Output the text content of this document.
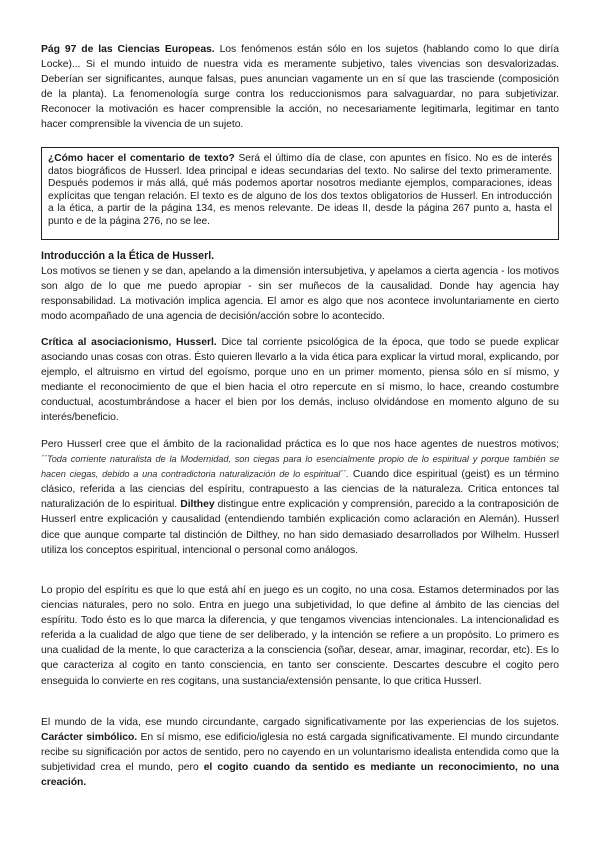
Pág 97 de las Ciencias Europeas. Los fenómenos están sólo en los sujetos (hablando como lo que diría Locke)... Si el mundo intuido de nuestra vida es meramente subjetivo, tales vivencias son desvalorizadas. Deberían ser significantes, aunque falsas, pues anuncian vagamente un en sí que las trasciende (composición de la planta). La fenomenología surge contra los reduccionismos para salvaguardar, no para subjetivizar. Reconocer la motivación es hacer comprensible la acción, no necesariamente legitimarla, legitimar en tanto hacer comprensible la vivencia de un sujeto.

¿Cómo hacer el comentario de texto? Será el último día de clase, con apuntes en físico. No es de interés datos biográficos de Husserl. Idea principal e ideas secundarias del texto. No salirse del texto primeramente. Después podemos ir más allá, qué más podemos aportar nosotros mediante ejemplos, comparaciones, ideas explícitas que tengan relación. El texto es de alguno de los dos textos obligatorios de Husserl. En introducción a la ética, a partir de la página 134, es menos relevante. De ideas II, desde la página 267 punto a, hasta el punto e de la página 276, no se lee.
Introducción a la Ética de Husserl.

Los motivos se tienen y se dan, apelando a la dimensión intersubjetiva, y apelamos a cierta agencia - los motivos son algo de lo que me puedo apropiar - sin ser muñecos de la causalidad. Donde hay agencia hay responsabilidad. La motivación implica agencia. El amor es algo que nos acontece involuntariamente en cierto modo acompañado de una agencia de decisión/acción sobre lo acontecido.

Crítica al asociacionismo, Husserl. Dice tal corriente psicológica de la época, que todo se puede explicar asociando unas cosas con otras. Ésto quieren llevarlo a la vida ética para explicar la virtud moral, explicando, por ejemplo, el altruismo en virtud del egoísmo, porque uno en un primer momento, piensa sólo en sí mismo, y mediante el reconocimiento de que el bien hacia el otro repercute en sí mismo, lo hace, creando costumbre conductual, acostumbrándose a hacer el bien por los demás, incluso olvidándose en momento alguno de su interés/beneficio.

Pero Husserl cree que el ámbito de la racionalidad práctica es lo que nos hace agentes de nuestros motivos; ´´Toda corriente naturalista de la Modernidad, son ciegas para lo esencialmente propio de lo espiritual y porque también se hacen ciegas, debido a una contradictoria naturalización de lo espiritual´´. Cuando dice espiritual (geist) es un término clásico, referida a las ciencias del espíritu, contrapuesto a las ciencias de la naturaleza. Critica entonces tal naturalización de lo espiritual. Dilthey distingue entre explicación y comprensión, parecido a la contraposición de Husserl entre explicación y causalidad (entendiendo también explicación como aclaración en Alemán). Husserl dice que aunque comparte tal distinción de Dilthey, no han sido demasiado desarrollados por Wilhelm. Husserl utiliza los conceptos espiritual, intencional o personal como análogos.

Lo propio del espíritu es que lo que está ahí en juego es un cogito, no una cosa. Estamos determinados por las ciencias naturales, pero no solo. Entra en juego una subjetividad, lo que define al ámbito de las ciencias del espíritu. Todo ésto es lo que marca la diferencia, y que tengamos vivencias intencionales. La intencionalidad es referida a la cualidad de algo que tiene de ser deliberado, y la intención se refiere a un propósito. Lo primero es una cualidad de la mente, lo que caracteriza a la consciencia (soñar, desear, amar, imaginar, recordar, etc). Es lo que caracteriza al cogito en tanto consciencia, en tanto ser consciente. Descartes descubre el cogito pero enseguida lo convierte en res cogitans, una sustancia/extensión pensante, lo que critica Husserl.

El mundo de la vida, ese mundo circundante, cargado significativamente por las experiencias de los sujetos. Carácter simbólico. En sí mismo, ese edificio/iglesia no está cargada significativamente. El mundo circundante recibe su significación por actos de sentido, pero no cayendo en un voluntarismo idealista entendida como que la subjetividad crea el mundo, pero el cogito cuando da sentido es mediante un reconocimiento, no una creación.
